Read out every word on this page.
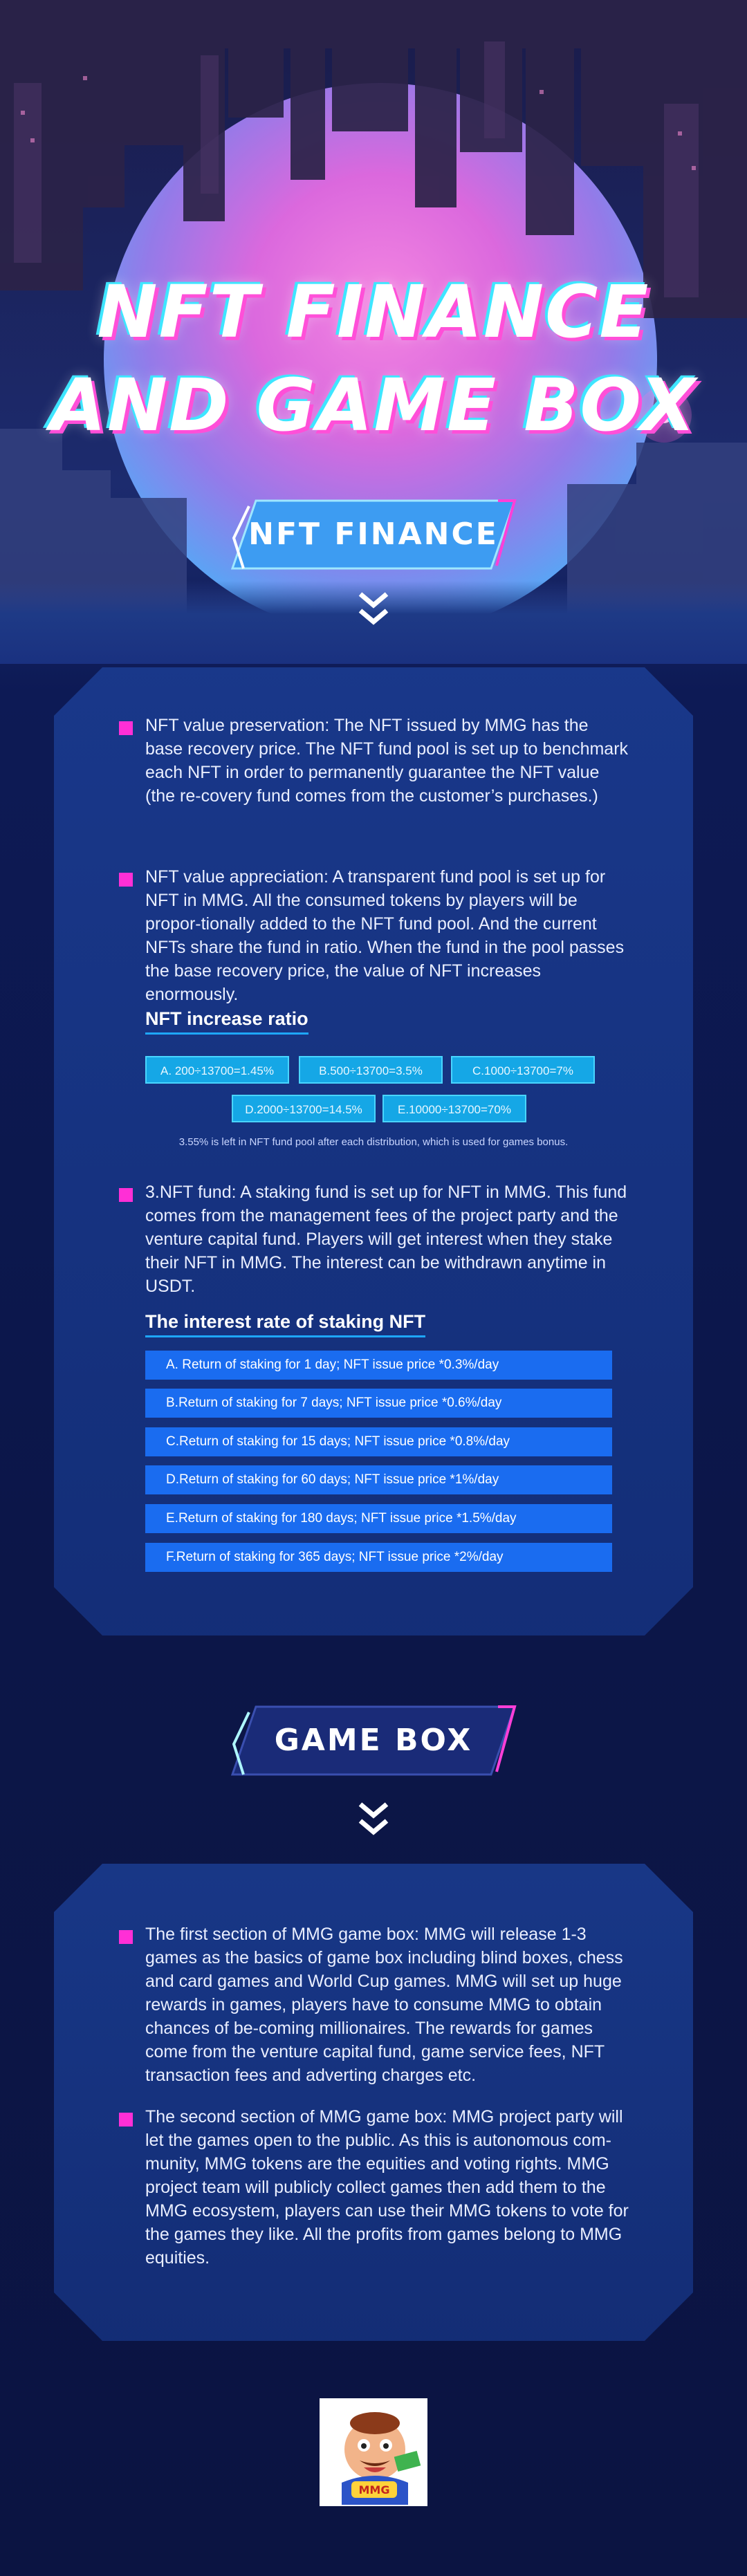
NFT FINANCE
AND GAME BOX
NFT FINANCE
NFT value preservation: The NFT issued by MMG has the base recovery price. The NFT fund pool is set up to benchmark each NFT in order to permanently guarantee the NFT value (the re-covery fund comes from the customer’s purchases.)
NFT value appreciation: A transparent fund pool is set up for NFT in MMG. All the consumed tokens by players will be propor-tionally added to the NFT fund pool. And the current NFTs share the fund in ratio. When the fund in the pool passes the base recovery price, the value of NFT increases enormously.
NFT increase ratio
A. 200÷13700=1.45%	B.500÷13700=3.5%	C.1000÷13700=7%
D.2000÷13700=14.5%	E.10000÷13700=70%
3.55% is left in NFT fund pool after each distribution, which is used for games bonus.
3.NFT fund: A staking fund is set up for NFT in MMG. This fund comes from the management fees of the project party and the venture capital fund. Players will get interest when they stake their NFT in MMG. The interest can be withdrawn anytime in USDT.
The interest rate of staking NFT
A. Return of staking for 1 day; NFT issue price *0.3%/day
B.Return of staking for 7 days; NFT issue price *0.6%/day
C.Return of staking for 15 days; NFT issue price *0.8%/day
D.Return of staking for 60 days; NFT issue price *1%/day
E.Return of staking for 180 days; NFT issue price *1.5%/day
F.Return of staking for 365 days; NFT issue price *2%/day
GAME BOX
The first section of MMG game box: MMG will release 1-3 games as the basics of game box including blind boxes, chess and card games and World Cup games. MMG will set up huge rewards in games, players have to consume MMG to obtain chances of be-coming millionaires. The rewards for games come from the venture capital fund, game service fees, NFT transaction fees and adverting charges etc.
The second section of MMG game box: MMG project party will let the games open to the public. As this is autonomous com-munity, MMG tokens are the equities and voting rights. MMG project team will publicly collect games then add them to the MMG ecosystem, players can use their MMG tokens to vote for the games they like. All the profits from games belong to MMG equities.
MMG
